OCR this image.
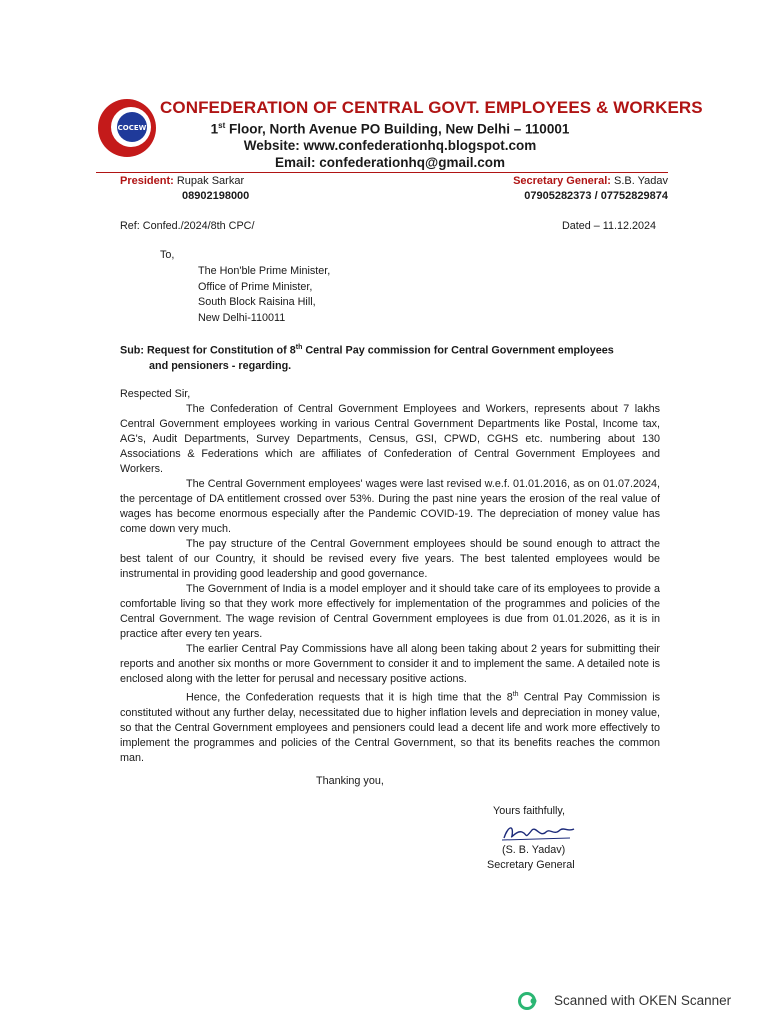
COCEW
CONFEDERATION OF CENTRAL GOVT. EMPLOYEES & WORKERS
1st Floor, North Avenue PO Building, New Delhi – 110001
Website: www.confederationhq.blogspot.com
Email: confederationhq@gmail.com
President: Rupak Sarkar
08902198000
Secretary General: S.B. Yadav
07905282373 / 07752829874
Ref: Confed./2024/8th CPC/	Dated – 11.12.2024
To,
The Hon'ble Prime Minister,
Office of Prime Minister,
South Block Raisina Hill,
New Delhi-110011
Sub: Request for Constitution of 8th Central Pay commission for Central Government employees
and pensioners - regarding.
Respected Sir,

The Confederation of Central Government Employees and Workers, represents about 7 lakhs Central Government employees working in various Central Government Departments like Postal, Income tax, AG's, Audit Departments, Survey Departments, Census, GSI, CPWD, CGHS etc. numbering about 130 Associations & Federations which are affiliates of Confederation of Central Government Employees and Workers.

The Central Government employees' wages were last revised w.e.f. 01.01.2016, as on 01.07.2024, the percentage of DA entitlement crossed over 53%. During the past nine years the erosion of the real value of wages has become enormous especially after the Pandemic COVID-19. The depreciation of money value has come down very much.

The pay structure of the Central Government employees should be sound enough to attract the best talent of our Country, it should be revised every five years. The best talented employees would be instrumental in providing good leadership and good governance.

The Government of India is a model employer and it should take care of its employees to provide a comfortable living so that they work more effectively for implementation of the programmes and policies of the Central Government. The wage revision of Central Government employees is due from 01.01.2026, as it is in practice after every ten years.

The earlier Central Pay Commissions have all along been taking about 2 years for submitting their reports and another six months or more Government to consider it and to implement the same. A detailed note is enclosed along with the letter for perusal and necessary positive actions.

Hence, the Confederation requests that it is high time that the 8th Central Pay Commission is constituted without any further delay, necessitated due to higher inflation levels and depreciation in money value, so that the Central Government employees and pensioners could lead a decent life and work more effectively to implement the programmes and policies of the Central Government, so that its benefits reaches the common man.

Thanking you,
Yours faithfully,
(S. B. Yadav)
Secretary General
Scanned with OKEN Scanner
